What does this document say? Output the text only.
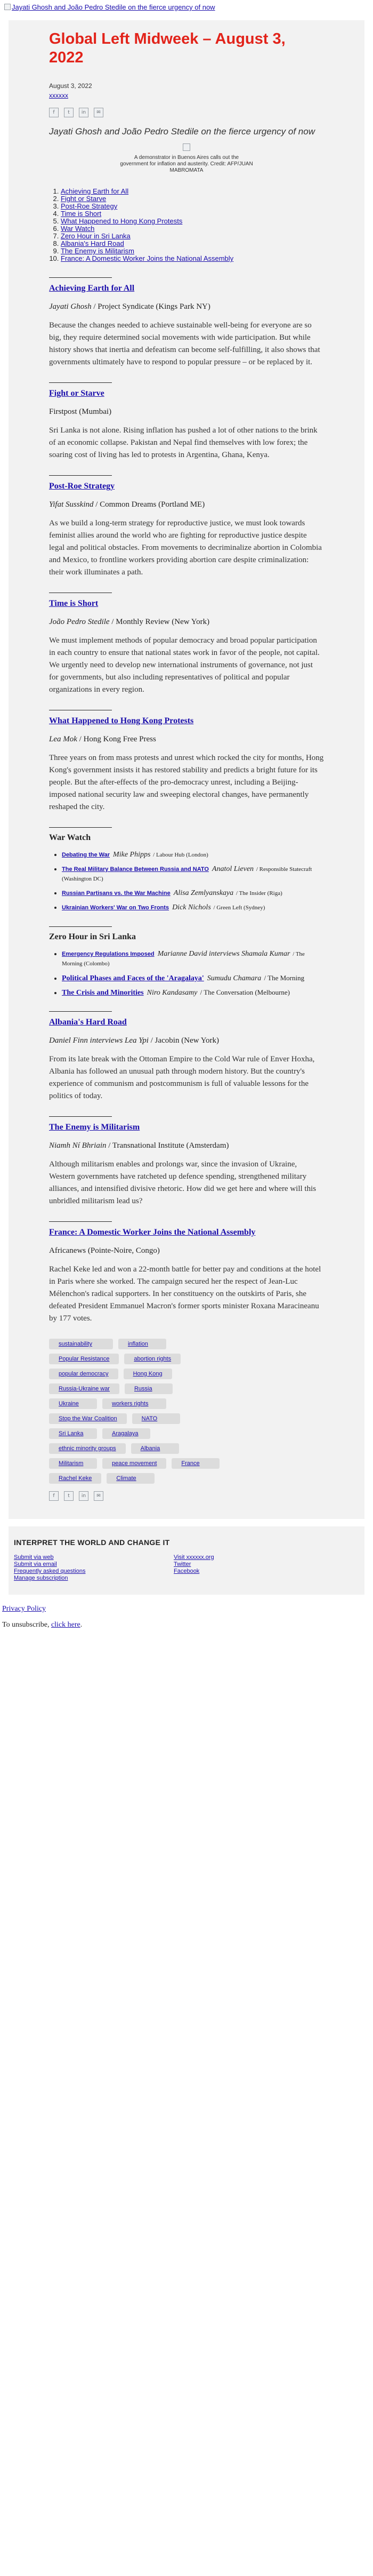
Jayati Ghosh and João Pedro Stedile on the fierce urgency of now
Global Left Midweek – August 3, 2022
August 3, 2022
xxxxxx
f	t	in	✉
Jayati Ghosh and João Pedro Stedile on the fierce urgency of now
A demonstrator in Buenos Aires calls out the government for inflation and austerity. Credit: AFP/JUAN MABROMATA
1. Achieving Earth for All
2. Fight or Starve
3. Post-Roe Strategy
4. Time is Short
5. What Happened to Hong Kong Protests
6. War Watch
7. Zero Hour in Sri Lanka
8. Albania's Hard Road
9. The Enemy is Militarism
10. France: A Domestic Worker Joins the National Assembly
Achieving Earth for All
Jayati Ghosh / Project Syndicate (Kings Park NY)

Because the changes needed to achieve sustainable well-being for everyone are so big, they require determined social movements with wide participation. But while history shows that inertia and defeatism can become self-fulfilling, it also shows that governments ultimately have to respond to popular pressure – or be replaced by it.

Fight or Starve
Firstpost (Mumbai)

Sri Lanka is not alone. Rising inflation has pushed a lot of other nations to the brink of an economic collapse. Pakistan and Nepal find themselves with low forex; the soaring cost of living has led to protests in Argentina, Ghana, Kenya.

Post-Roe Strategy
Yifat Susskind / Common Dreams (Portland ME)

As we build a long-term strategy for reproductive justice, we must look towards feminist allies around the world who are fighting for reproductive justice despite legal and political obstacles. From movements to decriminalize abortion in Colombia and Mexico, to frontline workers providing abortion care despite criminalization: their work illuminates a path.

Time is Short
João Pedro Stedile / Monthly Review (New York)

We must implement methods of popular democracy and broad popular participation in each country to ensure that national states work in favor of the people, not capital. We urgently need to develop new international instruments of governance, not just for governments, but also including representatives of political and popular organizations in every region.

What Happened to Hong Kong Protests
Lea Mok / Hong Kong Free Press

Three years on from mass protests and unrest which rocked the city for months, Hong Kong's government insists it has restored stability and predicts a bright future for its people. But the after-effects of the pro-democracy unrest, including a Beijing-imposed national security law and sweeping electoral changes, have permanently reshaped the city.

War Watch
• Debating the War Mike Phipps / Labour Hub (London)
• The Real Military Balance Between Russia and NATO Anatol Lieven / Responsible Statecraft (Washington DC)
• Russian Partisans vs. the War Machine Alisa Zemlyanskaya / The Insider (Riga)
• Ukrainian Workers' War on Two Fronts Dick Nichols / Green Left (Sydney)
Zero Hour in Sri Lanka
• Emergency Regulations Imposed Marianne David interviews Shamala Kumar / The Morning (Colombo)
• Political Phases and Faces of the 'Aragalaya' Sumudu Chamara / The Morning
• The Crisis and Minorities Niro Kandasamy / The Conversation (Melbourne)
Albania's Hard Road
Daniel Finn interviews Lea Ypi / Jacobin (New York)

From its late break with the Ottoman Empire to the Cold War rule of Enver Hoxha, Albania has followed an unusual path through modern history. But the country's experience of communism and postcommunism is full of valuable lessons for the politics of today.

The Enemy is Militarism
Niamh Ní Bhriain / Transnational Institute (Amsterdam)

Although militarism enables and prolongs war, since the invasion of Ukraine, Western governments have ratcheted up defence spending, strengthened military alliances, and intensified divisive rhetoric. How did we get here and where will this unbridled militarism lead us?

France: A Domestic Worker Joins the National Assembly
Africanews (Pointe-Noire, Congo)

Rachel Keke led and won a 22-month battle for better pay and conditions at the hotel in Paris where she worked. The campaign secured her the respect of Jean-Luc Mélenchon's radical supporters. In her constituency on the outskirts of Paris, she defeated President Emmanuel Macron's former sports minister Roxana Maracineanu by 177 votes.

sustainability	inflation
Popular Resistance	abortion rights
popular democracy	Hong Kong
Russia-Ukraine war	Russia
Ukraine	workers rights
Stop the War Coalition	NATO
Sri Lanka	Aragalaya
ethnic minority groups	Albania
Militarism	peace movement	France
Rachel Keke	Climate
f	t	in	✉
INTERPRET THE WORLD AND CHANGE IT
Submit via web
Submit via email
Frequently asked questions
Manage subscription
Visit xxxxxx.org
Twitter
Facebook

Privacy Policy

To unsubscribe, click here.
